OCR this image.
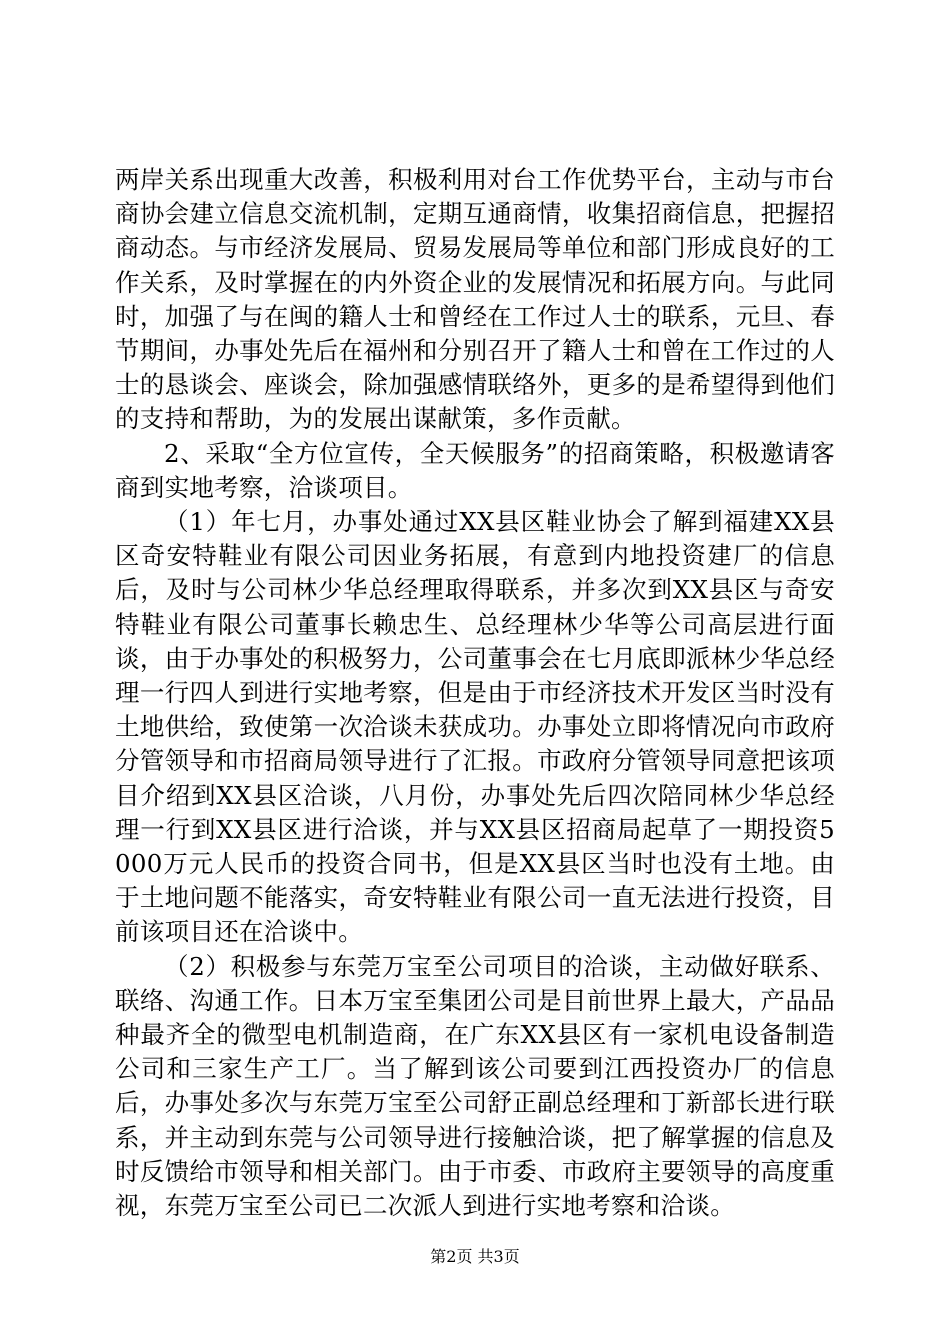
两岸关系出现重大改善，积极利用对台工作优势平台，主动与市台商协会建立信息交流机制，定期互通商情，收集招商信息，把握招商动态。与市经济发展局、贸易发展局等单位和部门形成良好的工作关系，及时掌握在的内外资企业的发展情况和拓展方向。与此同时，加强了与在闽的籍人士和曾经在工作过人士的联系，元旦、春节期间，办事处先后在福州和分别召开了籍人士和曾在工作过的人士的恳谈会、座谈会，除加强感情联络外，更多的是希望得到他们的支持和帮助，为的发展出谋献策，多作贡献。

2、采取“全方位宣传，全天候服务”的招商策略，积极邀请客商到实地考察，洽谈项目。

（1）年七月，办事处通过XX县区鞋业协会了解到福建XX县区奇安特鞋业有限公司因业务拓展，有意到内地投资建厂的信息后，及时与公司林少华总经理取得联系，并多次到XX县区与奇安特鞋业有限公司董事长赖忠生、总经理林少华等公司高层进行面谈，由于办事处的积极努力，公司董事会在七月底即派林少华总经理一行四人到进行实地考察，但是由于市经济技术开发区当时没有土地供给，致使第一次洽谈未获成功。办事处立即将情况向市政府分管领导和市招商局领导进行了汇报。市政府分管领导同意把该项目介绍到XX县区洽谈，八月份，办事处先后四次陪同林少华总经理一行到XX县区进行洽谈，并与XX县区招商局起草了一期投资5000万元人民币的投资合同书，但是XX县区当时也没有土地。由于土地问题不能落实，奇安特鞋业有限公司一直无法进行投资，目前该项目还在洽谈中。

（2）积极参与东莞万宝至公司项目的洽谈，主动做好联系、联络、沟通工作。日本万宝至集团公司是目前世界上最大，产品品种最齐全的微型电机制造商，在广东XX县区有一家机电设备制造公司和三家生产工厂。当了解到该公司要到江西投资办厂的信息后，办事处多次与东莞万宝至公司舒正副总经理和丁新部长进行联系，并主动到东莞与公司领导进行接触洽谈，把了解掌握的信息及时反馈给市领导和相关部门。由于市委、市政府主要领导的高度重视，东莞万宝至公司已二次派人到进行实地考察和洽谈。

第2页 共3页
